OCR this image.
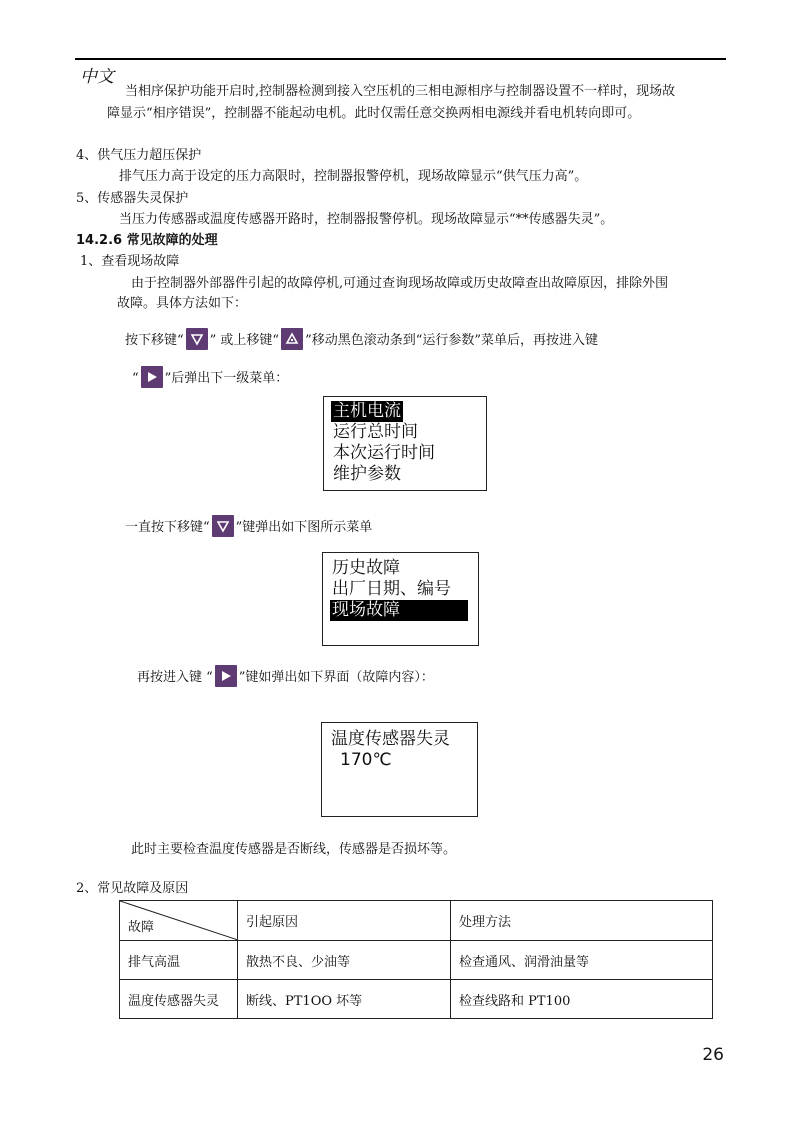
中文
当相序保护功能开启时,控制器检测到接入空压机的三相电源相序与控制器设置不一样时，现场故
障显示“相序错误”，控制器不能起动电机。此时仅需任意交换两相电源线并看电机转向即可。
4、供气压力超压保护
排气压力高于设定的压力高限时，控制器报警停机，现场故障显示“供气压力高”。
5、传感器失灵保护
当压力传感器或温度传感器开路时，控制器报警停机。现场故障显示“**传感器失灵”。
14.2.6 常见故障的处理
1、查看现场故障
由于控制器外部器件引起的故障停机,可通过查询现场故障或历史故障查出故障原因，排除外围
故障。具体方法如下：
按下移键“ ” 或上移键“ ”移动黑色滚动条到“运行参数”菜单后，再按进入键
“ ”后弹出下一级菜单：
主机电流
运行总时间
本次运行时间
维护参数
一直按下移键“ ”键弹出如下图所示菜单
历史故障
出厂日期、编号
现场故障
再按进入键 “ ”键如弹出如下界面（故障内容）：
温度传感器失灵
170℃
此时主要检查温度传感器是否断线，传感器是否损坏等。
2、常见故障及原因
故障	引起原因	处理方法
排气高温	散热不良、少油等	检查通风、润滑油量等
温度传感器失灵	断线、PT1OO 坏等	检查线路和 PT100
26
